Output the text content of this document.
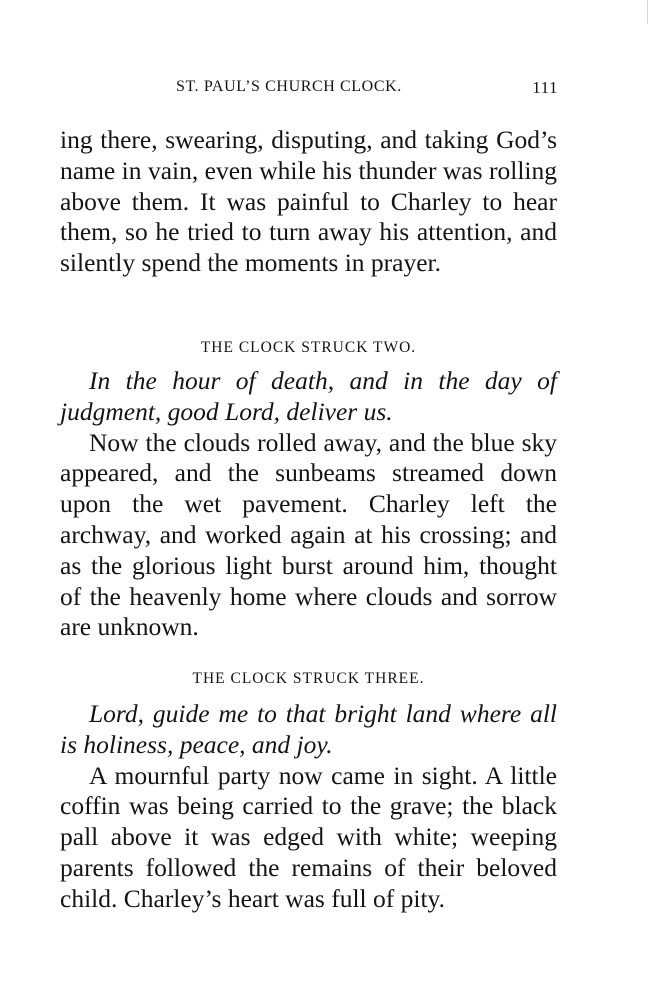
ST. PAUL’S CHURCH CLOCK.	111

ing there, swearing, disputing, and taking God’s name in vain, even while his thunder was rolling above them. It was painful to Charley to hear them, so he tried to turn away his attention, and silently spend the moments in prayer.

THE CLOCK STRUCK TWO.

In the hour of death, and in the day of judgment, good Lord, deliver us.

Now the clouds rolled away, and the blue sky appeared, and the sunbeams streamed down upon the wet pavement. Charley left the archway, and worked again at his crossing; and as the glorious light burst around him, thought of the heavenly home where clouds and sorrow are unknown.

THE CLOCK STRUCK THREE.

Lord, guide me to that bright land where all is holiness, peace, and joy.

A mournful party now came in sight. A little coffin was being carried to the grave; the black pall above it was edged with white; weeping parents followed the remains of their beloved child. Charley’s heart was full of pity.
